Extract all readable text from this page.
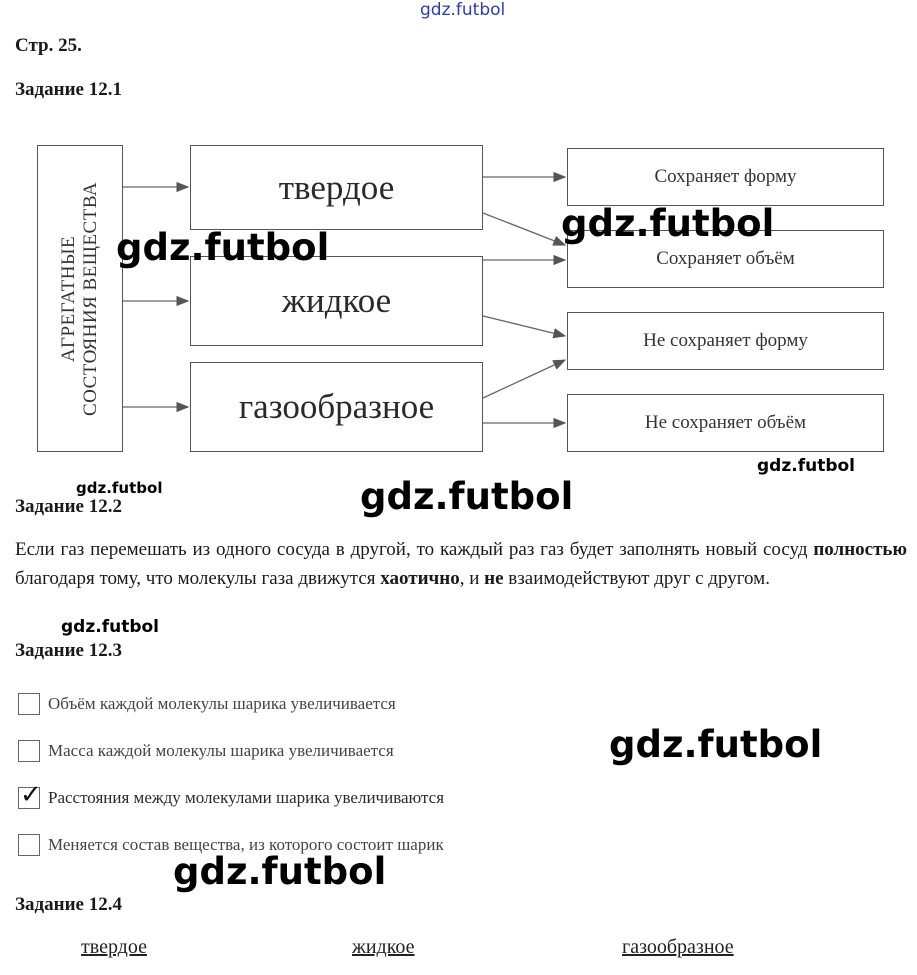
gdz.futbol
Стр. 25.
Задание 12.1
АГРЕГАТНЫЕ СОСТОЯНИЯ ВЕЩЕСТВА	твердое
жидкое
газообразное
Сохраняет форму
Сохраняет объём
Не сохраняет форму
Не сохраняет объём
Задание 12.2
Если газ перемешать из одного сосуда в другой, то каждый раз газ будет заполнять новый сосуд полностью благодаря тому, что молекулы газа движутся хаотично, и не взаимодействуют друг с другом.
Задание 12.3
Объём каждой молекулы шарика увеличивается
Масса каждой молекулы шарика увеличивается
✓ Расстояния между молекулами шарика увеличиваются
Меняется состав вещества, из которого состоит шарик
Задание 12.4
твердое	жидкое	газообразное
gdz.futbol
gdz.futbol
gdz.futbol
gdz.futbol	gdz.futbol
gdz.futbol
gdz.futbol
gdz.futbol
